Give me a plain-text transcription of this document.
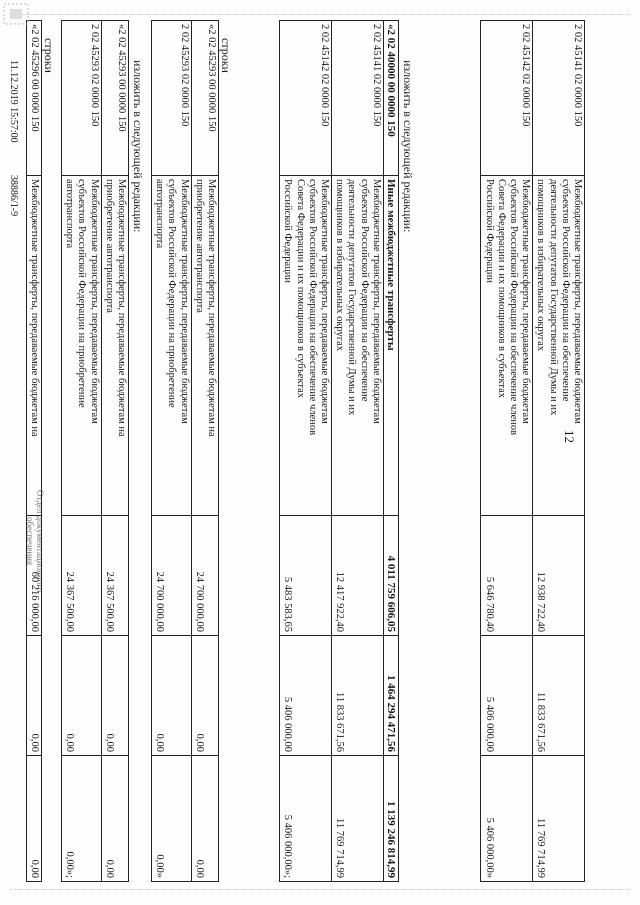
12
2 02 45141 02 0000 150
Межбюджетные трансферты, передаваемые бюджетам
субъектов Российской Федерации на обеспечение
деятельности депутатов Государственной Думы и их
помощников в избирательных округах
12 938 722,40
11 833 671,56
11 769 714,99
2 02 45142 02 0000 150
Межбюджетные трансферты, передаваемые бюджетам
субъектов Российской Федерации на обеспечение членов
Совета Федерации и их помощников в субъектах
Российской Федерации
5 646 780,40
5 406 000,00
5 406 000,00»
изложить в следующей редакции:
«2 02 40000 00 0000 150
Иные межбюджетные трансферты
4 011 759 606,05
1 464 294 471,56
1 139 246 814,99
2 02 45141 02 0000 150
Межбюджетные трансферты, передаваемые бюджетам
субъектов Российской Федерации на обеспечение
деятельности депутатов Государственной Думы и их
помощников в избирательных округах
12 417 922,40
11 833 671,56
11 769 714,99
2 02 45142 02 0000 150
Межбюджетные трансферты, передаваемые бюджетам
субъектов Российской Федерации на обеспечение членов
Совета Федерации и их помощников в субъектах
Российской Федерации
5 483 583,65
5 406 000,00
5 406 000,00»;
строки
«2 02 45293 00 0000 150
Межбюджетные трансферты, передаваемые бюджетам на
приобретение автотранспорта
24 700 000,00
0,00
0,00
2 02 45293 02 0000 150
Межбюджетные трансферты, передаваемые бюджетам
субъектов Российской Федерации на приобретение
автотранспорта
24 700 000,00
0,00
0,00»
изложить в следующей редакции:
«2 02 45293 00 0000 150
Межбюджетные трансферты, передаваемые бюджетам на
приобретение автотранспорта
24 367 500,00
0,00
0,00
2 02 45293 02 0000 150
Межбюджетные трансферты, передаваемые бюджетам
субъектов Российской Федерации на приобретение
автотранспорта
24 367 500,00
0,00
0,00»;
строки
Отдел документационного
обеспечения
«2 02 45296 00 0000 150
Межбюджетные трансферты, передаваемые бюджетам на
60 216 000,00
0,00
0,00
11.12.2019 15:57:00
38886/1-9
